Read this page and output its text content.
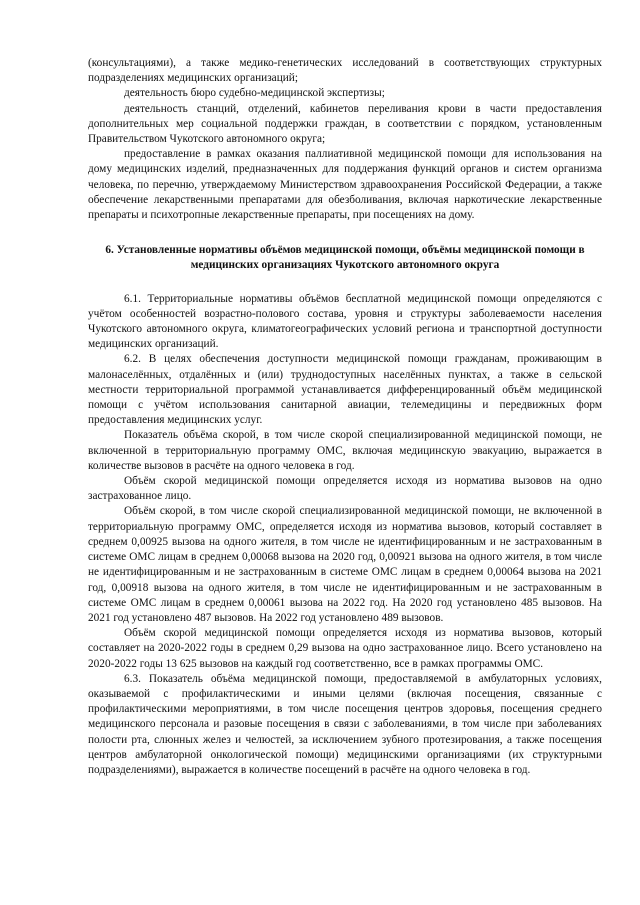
(консультациями), а также медико-генетических исследований в соответствующих структурных подразделениях медицинских организаций;

деятельность бюро судебно-медицинской экспертизы;

деятельность станций, отделений, кабинетов переливания крови в части предоставления дополнительных мер социальной поддержки граждан, в соответствии с порядком, установленным Правительством Чукотского автономного округа;

предоставление в рамках оказания паллиативной медицинской помощи для использования на дому медицинских изделий, предназначенных для поддержания функций органов и систем организма человека, по перечню, утверждаемому Министерством здравоохранения Российской Федерации, а также обеспечение лекарственными препаратами для обезболивания, включая наркотические лекарственные препараты и психотропные лекарственные препараты, при посещениях на дому.

6. Установленные нормативы объёмов медицинской помощи, объёмы медицинской помощи в медицинских организациях Чукотского автономного округа

6.1. Территориальные нормативы объёмов бесплатной медицинской помощи определяются с учётом особенностей возрастно-полового состава, уровня и структуры заболеваемости населения Чукотского автономного округа, климатогеографических условий региона и транспортной доступности медицинских организаций.

6.2. В целях обеспечения доступности медицинской помощи гражданам, проживающим в малонаселённых, отдалённых и (или) труднодоступных населённых пунктах, а также в сельской местности территориальной программой устанавливается дифференцированный объём медицинской помощи с учётом использования санитарной авиации, телемедицины и передвижных форм предоставления медицинских услуг.

Показатель объёма скорой, в том числе скорой специализированной медицинской помощи, не включенной в территориальную программу ОМС, включая медицинскую эвакуацию, выражается в количестве вызовов в расчёте на одного человека в год.

Объём скорой медицинской помощи определяется исходя из норматива вызовов на одно застрахованное лицо.

Объём скорой, в том числе скорой специализированной медицинской помощи, не включенной в территориальную программу ОМС, определяется исходя из норматива вызовов, который составляет в среднем 0,00925 вызова на одного жителя, в том числе не идентифицированным и не застрахованным в системе ОМС лицам в среднем 0,00068 вызова на 2020 год, 0,00921 вызова на одного жителя, в том числе не идентифицированным и не застрахованным в системе ОМС лицам в среднем 0,00064 вызова на 2021 год, 0,00918 вызова на одного жителя, в том числе не идентифицированным и не застрахованным в системе ОМС лицам в среднем 0,00061 вызова на 2022 год. На 2020 год установлено 485 вызовов. На 2021 год установлено 487 вызовов. На 2022 год установлено 489 вызовов.

Объём скорой медицинской помощи определяется исходя из норматива вызовов, который составляет на 2020-2022 годы в среднем 0,29 вызова на одно застрахованное лицо. Всего установлено на 2020-2022 годы 13 625 вызовов на каждый год соответственно, все в рамках программы ОМС.

6.3. Показатель объёма медицинской помощи, предоставляемой в амбулаторных условиях, оказываемой с профилактическими и иными целями (включая посещения, связанные с профилактическими мероприятиями, в том числе посещения центров здоровья, посещения среднего медицинского персонала и разовые посещения в связи с заболеваниями, в том числе при заболеваниях полости рта, слюнных желез и челюстей, за исключением зубного протезирования, а также посещения центров амбулаторной онкологической помощи) медицинскими организациями (их структурными подразделениями), выражается в количестве посещений в расчёте на одного человека в год.
